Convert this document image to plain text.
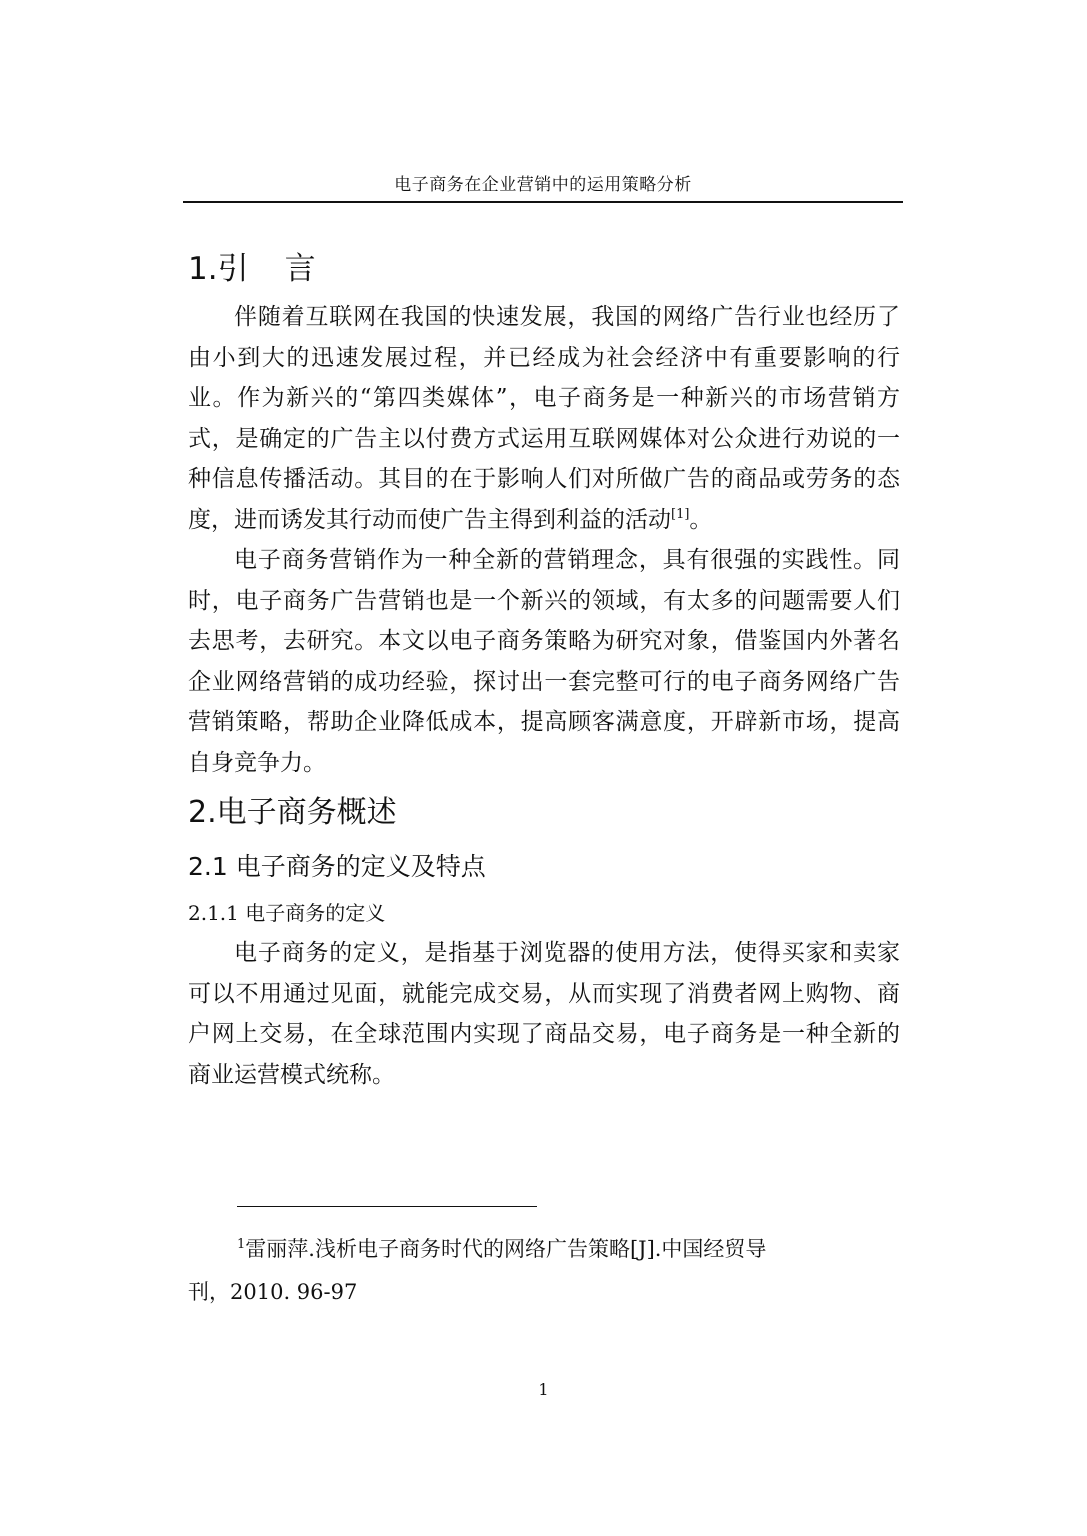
电子商务在企业营销中的运用策略分析
1.引 言

伴随着互联网在我国的快速发展，我国的网络广告行业也经历了由小到大的迅速发展过程，并已经成为社会经济中有重要影响的行业。作为新兴的“第四类媒体”，电子商务是一种新兴的市场营销方式，是确定的广告主以付费方式运用互联网媒体对公众进行劝说的一种信息传播活动。其目的在于影响人们对所做广告的商品或劳务的态度，进而诱发其行动而使广告主得到利益的活动[1]。

电子商务营销作为一种全新的营销理念，具有很强的实践性。同时，电子商务广告营销也是一个新兴的领域，有太多的问题需要人们去思考，去研究。本文以电子商务策略为研究对象，借鉴国内外著名企业网络营销的成功经验，探讨出一套完整可行的电子商务网络广告营销策略，帮助企业降低成本，提高顾客满意度，开辟新市场，提高自身竞争力。

2.电子商务概述
2.1 电子商务的定义及特点
2.1.1 电子商务的定义

电子商务的定义，是指基于浏览器的使用方法，使得买家和卖家可以不用通过见面，就能完成交易，从而实现了消费者网上购物、商户网上交易，在全球范围内实现了商品交易，电子商务是一种全新的商业运营模式统称。

$^1$雷丽萍.浅析电子商务时代的网络广告策略[J].中国经贸导
刊，2010. 96-97
1
